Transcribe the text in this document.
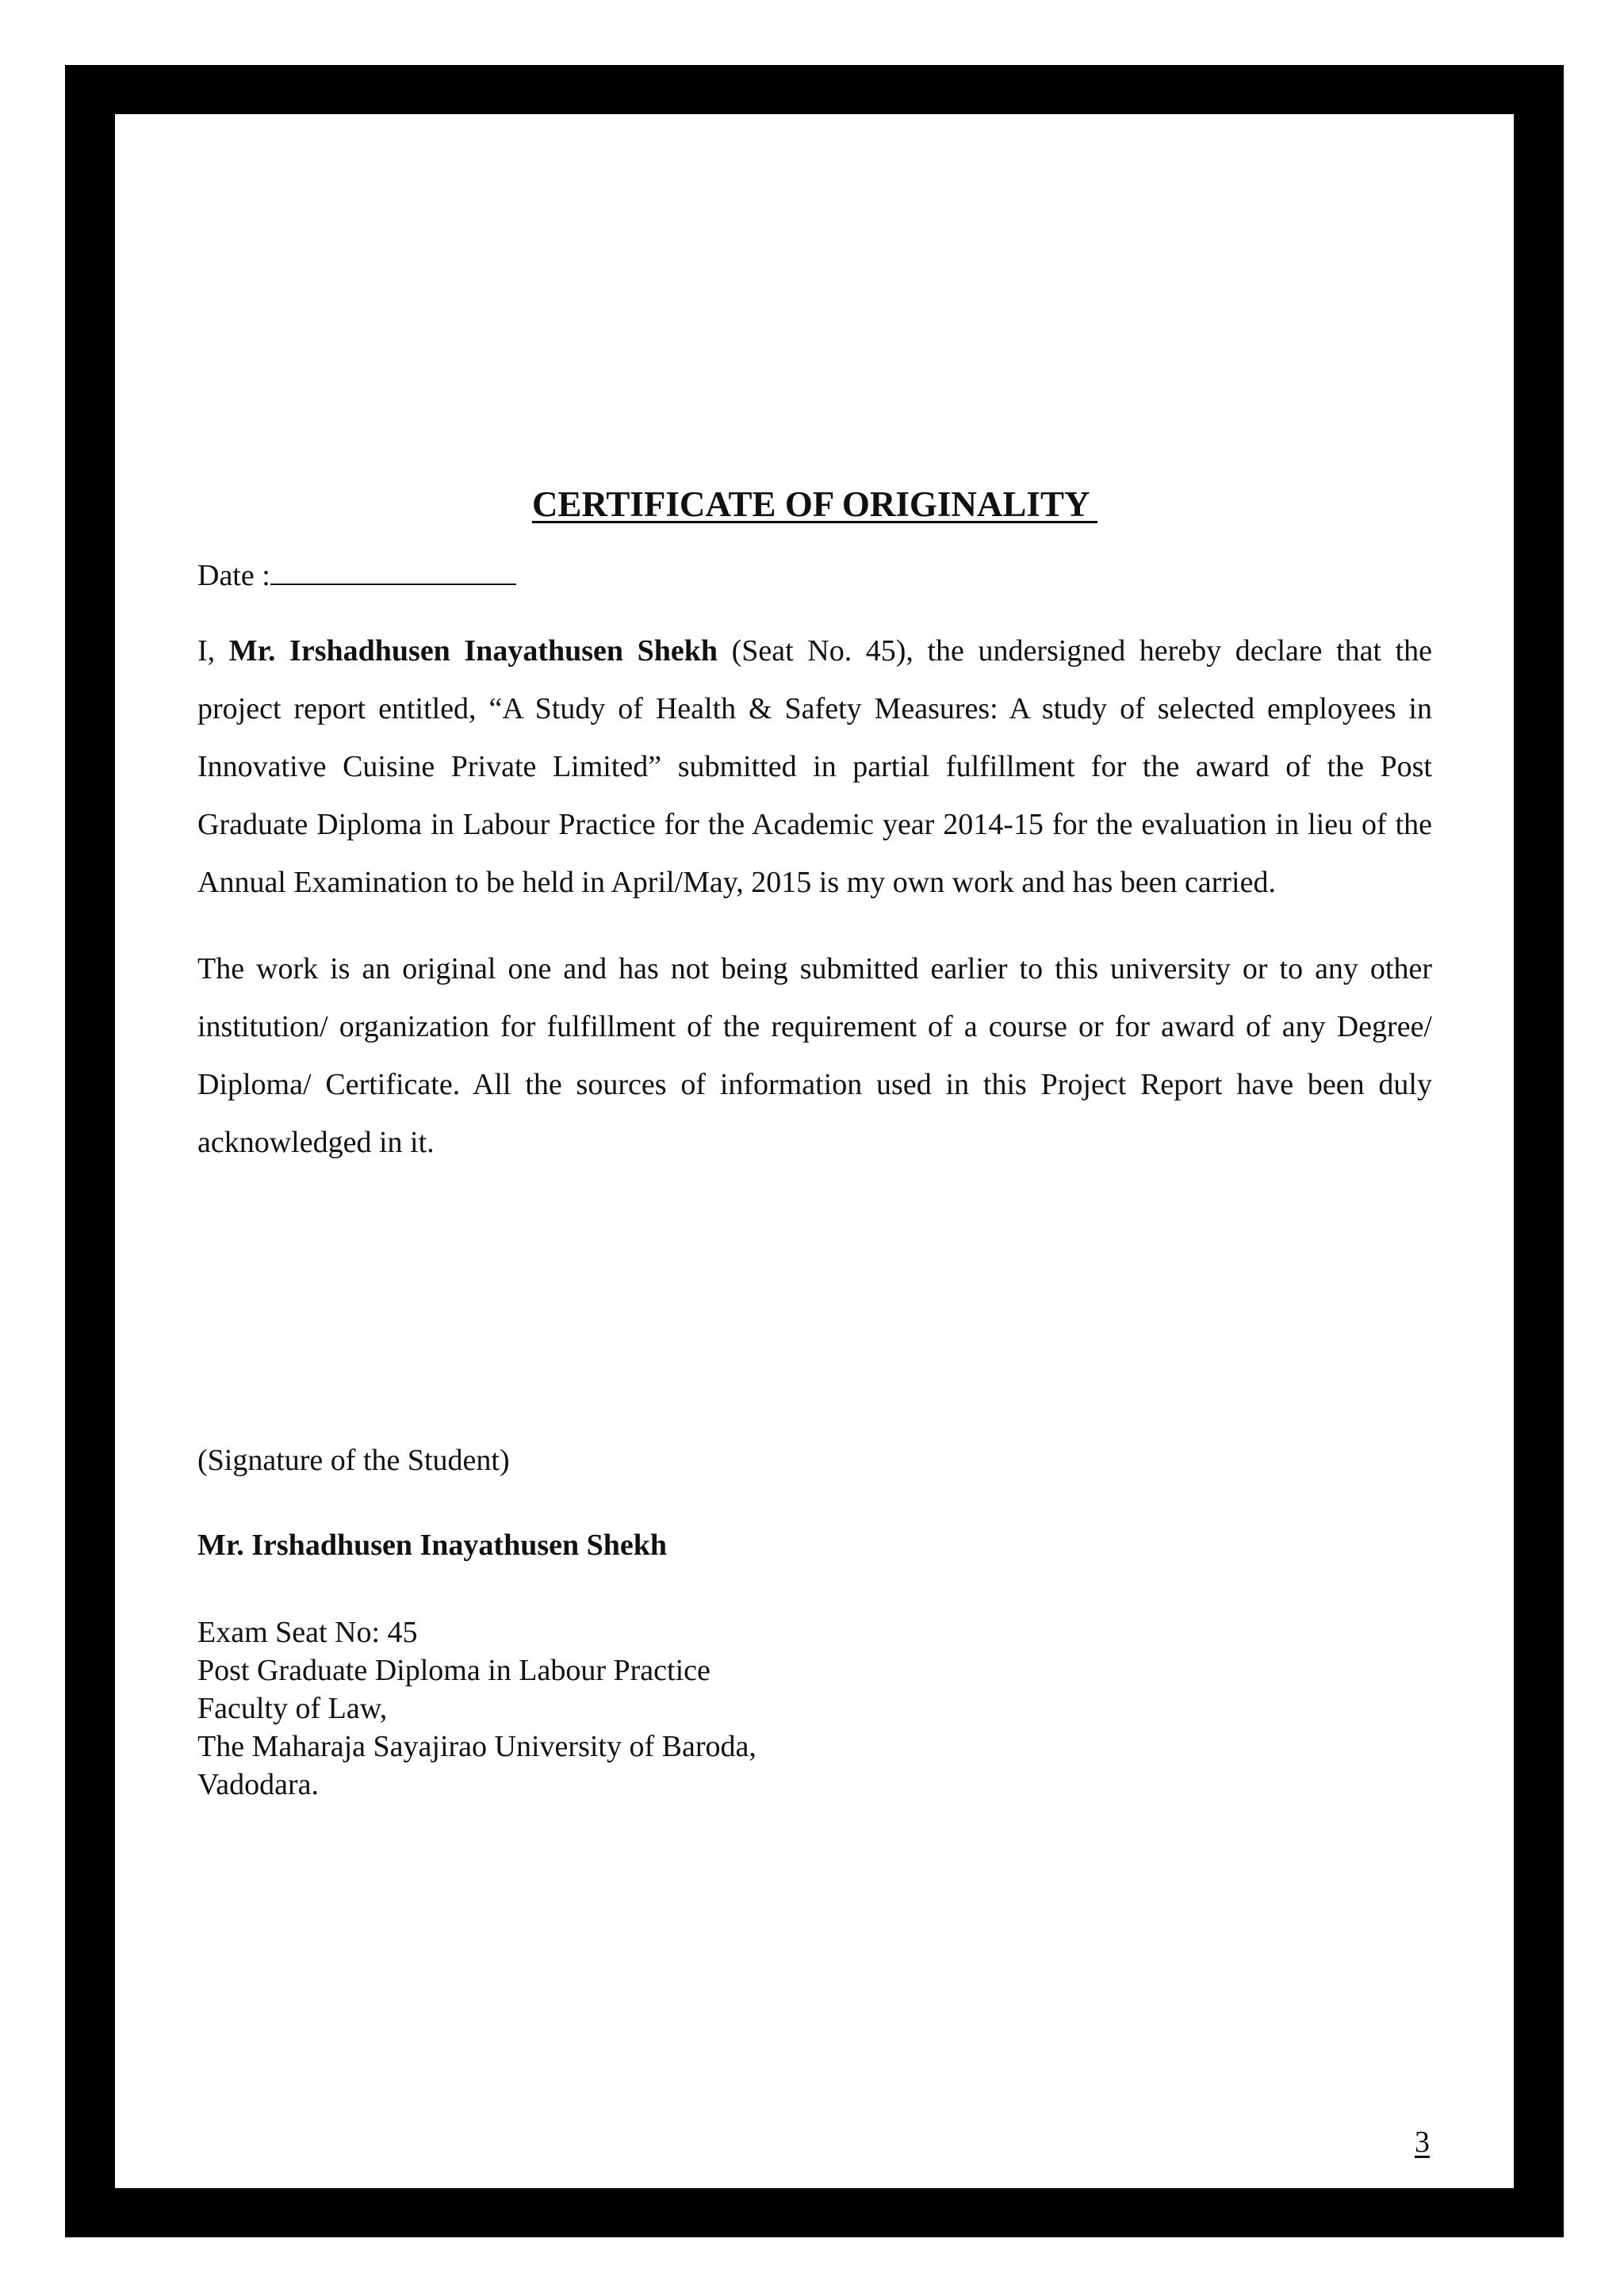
CERTIFICATE OF ORIGINALITY
Date :

I, Mr. Irshadhusen Inayathusen Shekh (Seat No. 45), the undersigned hereby declare that the project report entitled, “A Study of Health & Safety Measures: A study of selected employees in Innovative Cuisine Private Limited” submitted in partial fulfillment for the award of the Post Graduate Diploma in Labour Practice for the Academic year 2014-15 for the evaluation in lieu of the Annual Examination to be held in April/May, 2015 is my own work and has been carried.

The work is an original one and has not being submitted earlier to this university or to any other institution/ organization for fulfillment of the requirement of a course or for award of any Degree/ Diploma/ Certificate. All the sources of information used in this Project Report have been duly acknowledged in it.

(Signature of the Student)

Mr. Irshadhusen Inayathusen Shekh

Exam Seat No: 45
Post Graduate Diploma in Labour Practice
Faculty of Law,
The Maharaja Sayajirao University of Baroda,
Vadodara.
3
